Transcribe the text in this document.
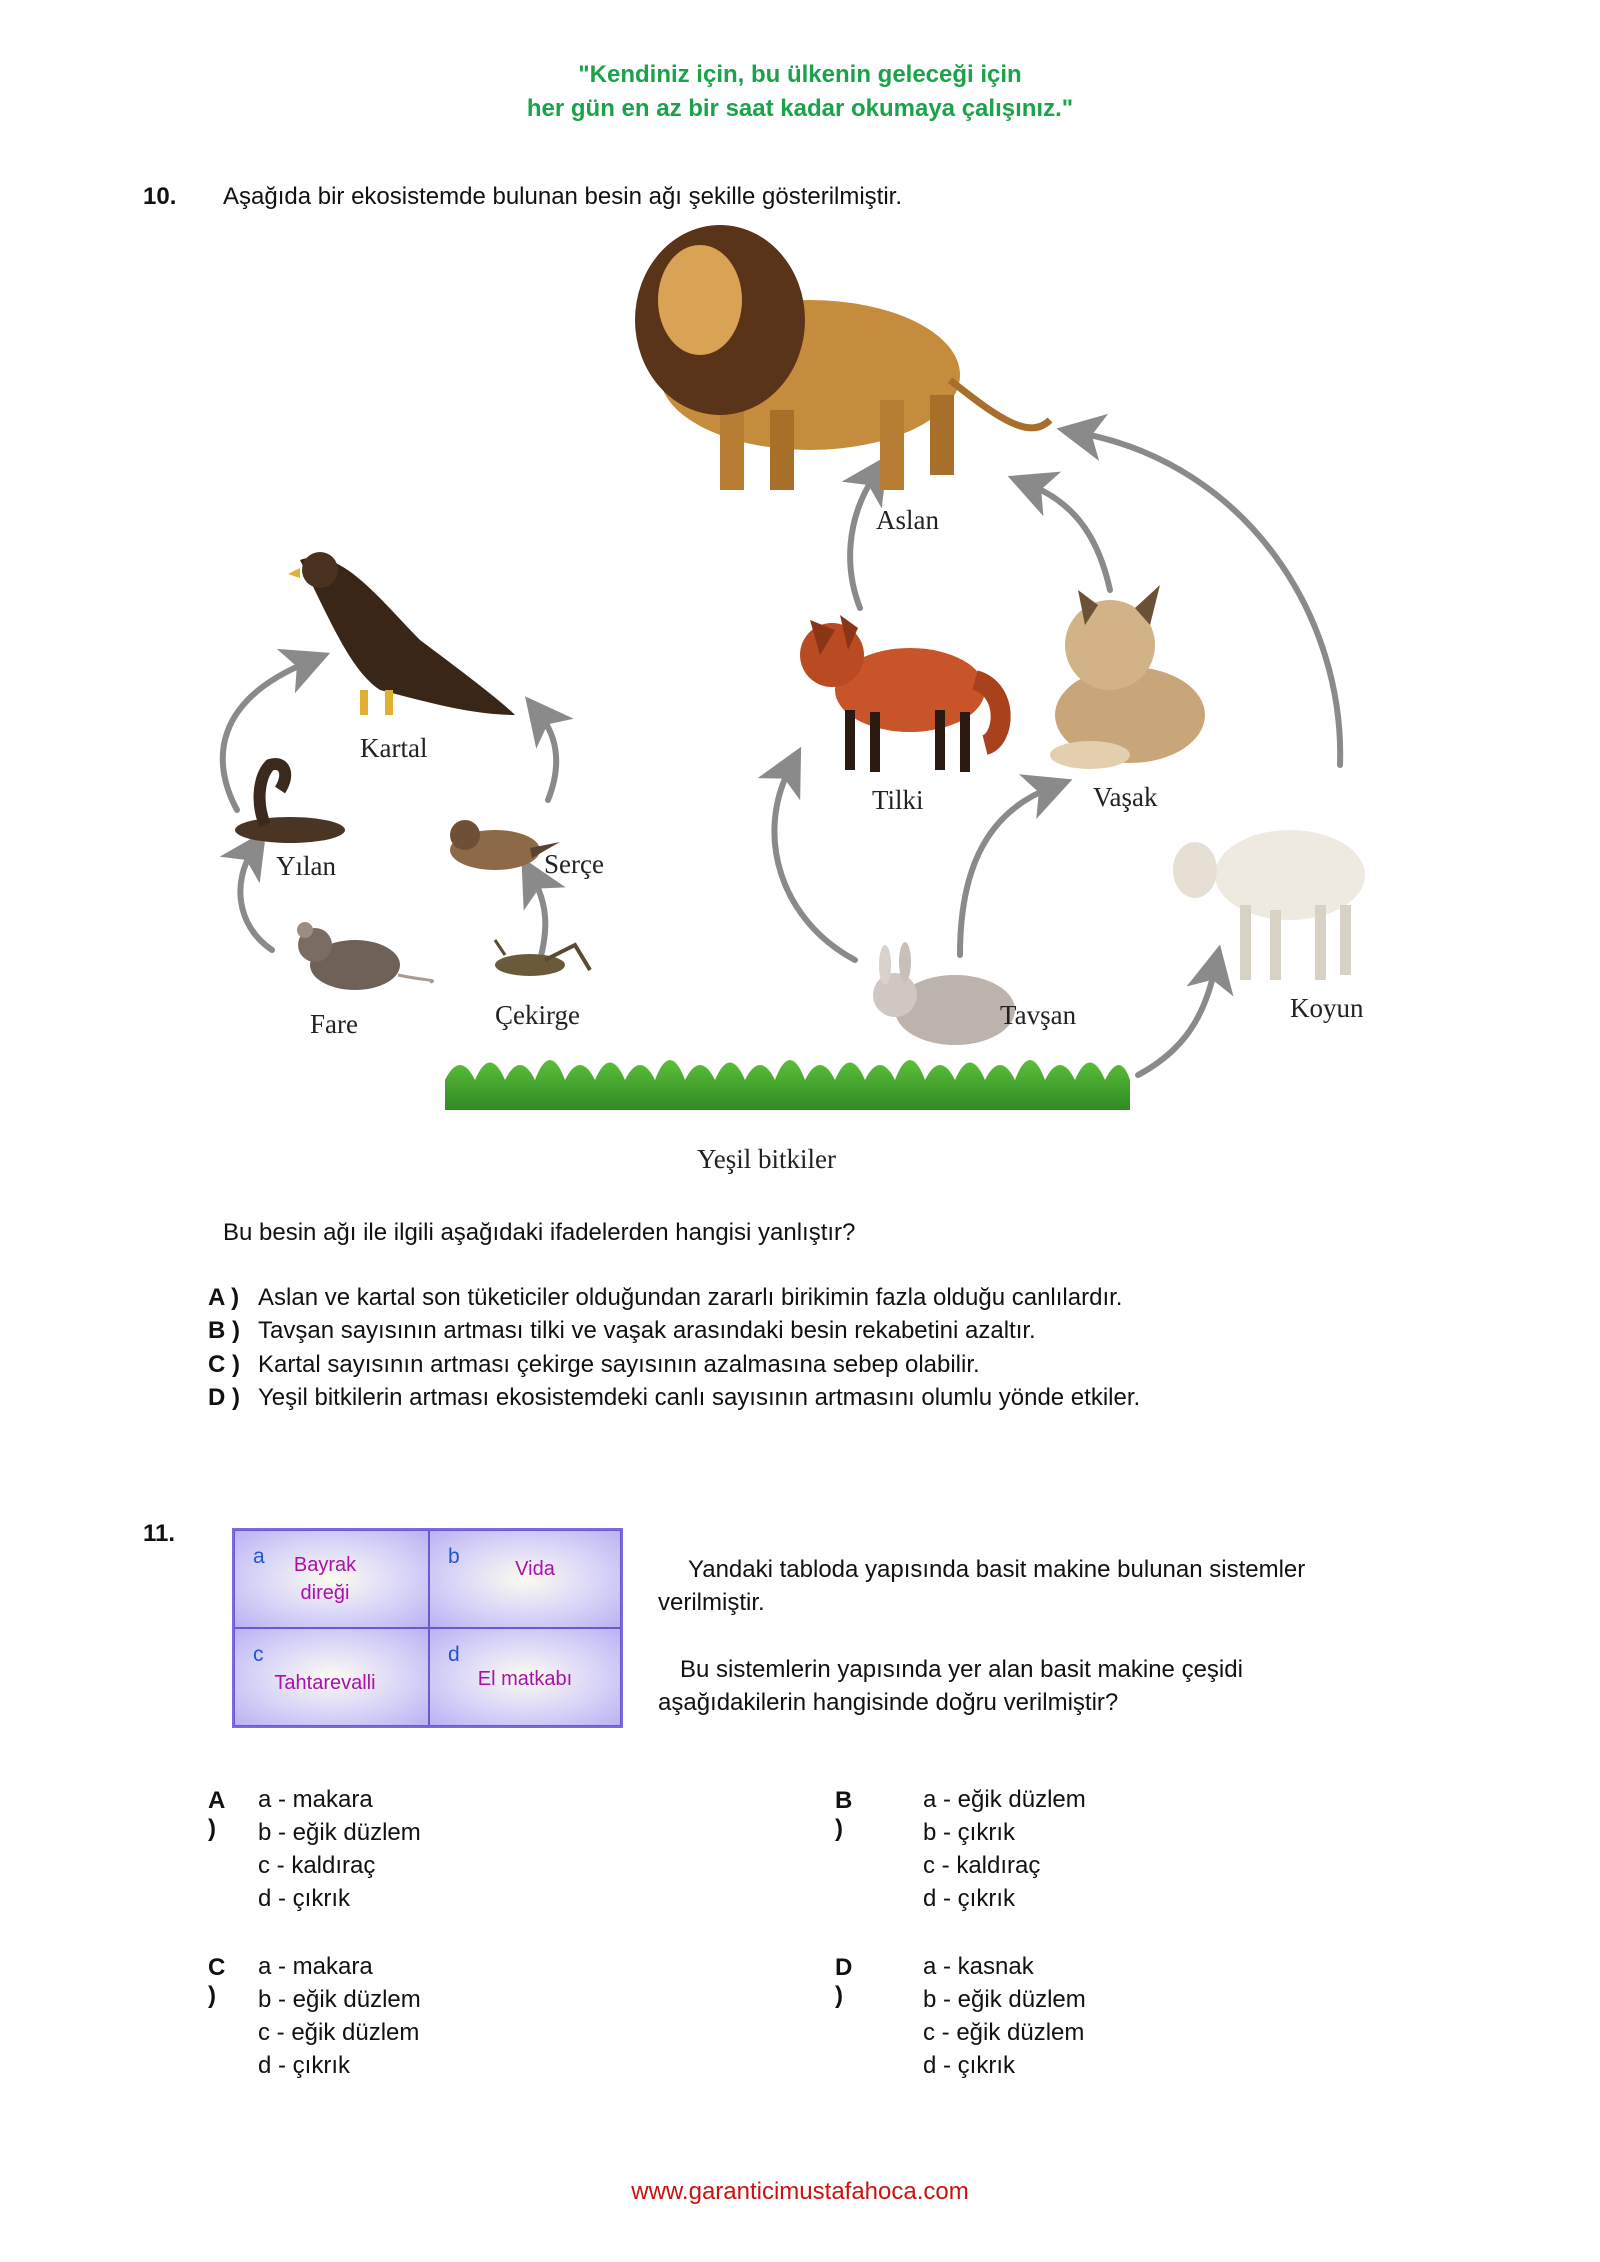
"Kendiniz için, bu ülkenin geleceği için
her gün en az bir saat kadar okumaya çalışınız."
10. Aşağıda bir ekosistemde bulunan besin ağı şekille gösterilmiştir.
Aslan
Kartal
Tilki	Vaşak
Yılan	Serçe
Fare	Çekirge	Tavşan	Koyun
Yeşil bitkiler
Bu besin ağı ile ilgili aşağıdaki ifadelerden hangisi yanlıştır?
A ) Aslan ve kartal son tüketiciler olduğundan zararlı birikimin fazla olduğu canlılardır.
B ) Tavşan sayısının artması tilki ve vaşak arasındaki besin rekabetini azaltır.
C ) Kartal sayısının artması çekirge sayısının azalmasına sebep olabilir.
D ) Yeşil bitkilerin artması ekosistemdeki canlı sayısının artmasını olumlu yönde etkiler.
11.
a	Bayrak direği
b
Vida
c
Tahtarevalli
d
El matkabı
Yandaki tabloda yapısında basit makine bulunan sistemler
verilmiştir.
Bu sistemlerin yapısında yer alan basit makine çeşidi
aşağıdakilerin hangisinde doğru verilmiştir?
A )
a - makara
b - eğik düzlem
c - kaldıraç
d - çıkrık
B )
a - eğik düzlem
b - çıkrık
c - kaldıraç
d - çıkrık
C )
a - makara
b - eğik düzlem
c - eğik düzlem
d - çıkrık
D )
a - kasnak
b - eğik düzlem
c - eğik düzlem
d - çıkrık
www.garanticimustafahoca.com
